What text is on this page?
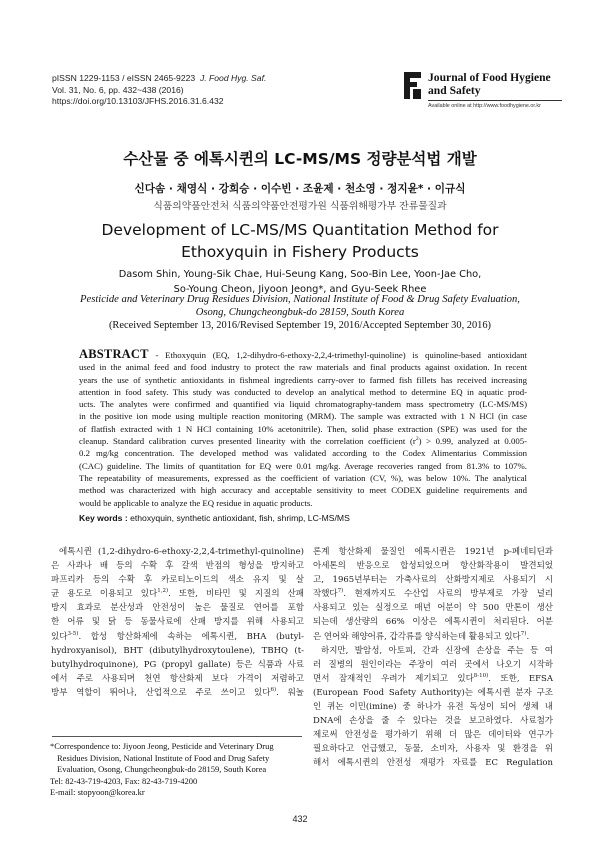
pISSN 1229-1153 / eISSN 2465-9223 J. Food Hyg. Saf.
Vol. 31, No. 6, pp. 432~438 (2016)
https://doi.org/10.13103/JFHS.2016.31.6.432
Journal of Food Hygiene
and Safety
Available online at http://www.foodhygiene.or.kr
수산물 중 에톡시퀸의 LC-MS/MS 정량분석법 개발
신다솜 · 채영식 · 강희승 · 이수빈 · 조윤제 · 천소영 · 정지윤* · 이규식
식품의약품안전처 식품의약품안전평가원 식품위해평가부 잔류물질과
Development of LC-MS/MS Quantitation Method for
Ethoxyquin in Fishery Products
Dasom Shin, Young-Sik Chae, Hui-Seung Kang, Soo-Bin Lee, Yoon-Jae Cho,
So-Young Cheon, Jiyoon Jeong*, and Gyu-Seek Rhee
Pesticide and Veterinary Drug Residues Division, National Institute of Food & Drug Safety Evaluation,
Osong, Chungcheongbuk-do 28159, South Korea
(Received September 13, 2016/Revised September 19, 2016/Accepted September 30, 2016)
ABSTRACT - Ethoxyquin (EQ, 1,2-dihydro-6-ethoxy-2,2,4-trimethyl-quinoline) is quinoline-based antioxidant
used in the animal feed and food industry to protect the raw materials and final products against oxidation. In recent
years the use of synthetic antioxidants in fishmeal ingredients carry-over to farmed fish fillets has received increasing
attention in food safety. This study was conducted to develop an analytical method to determine EQ in aquatic prod-
ucts. The analytes were confirmed and quantified via liquid chromatography-tandem mass spectrometry (LC-MS/MS)
in the positive ion mode using multiple reaction monitoring (MRM). The sample was extracted with 1 N HCl (in case
of flatfish extracted with 1 N HCl containing 10% acetonitrile). Then, solid phase extraction (SPE) was used for the
cleanup. Standard calibration curves presented linearity with the correlation coefficient $(r^2) > 0.99$, analyzed at 0.005-
0.2 mg/kg concentration. The developed method was validated according to the Codex Alimentarius Commission
(CAC) guideline. The limits of quantitation for EQ were 0.01 mg/kg. Average recoveries ranged from 81.3% to 107%.
The repeatability of measurements, expressed as the coefficient of variation (CV, %), was below 10%. The analytical
method was characterized with high accuracy and acceptable sensitivity to meet CODEX guideline requirements and
would be applicable to analyze the EQ residue in aquatic products.
Key words : ethoxyquin, synthetic antioxidant, fish, shrimp, LC-MS/MS
에톡시퀸 (1,2-dihydro-6-ethoxy-2,2,4-trimethyl-quinoline)
은 사과나 배 등의 수확 후 갈색 반점의 형성을 방지하고
파프리카 등의 수확 후 카로티노이드의 색소 유지 및 살
균 용도로 이용되고 있다$^{1,2)}$. 또한, 비타민 및 지질의 산패
방지 효과로 분산성과 안전성이 높은 물질로 연어를 포함
한 어류 및 닭 등 동물사료에 산패 방지를 위해 사용되고
있다$^{3-5)}$. 합성 항산화제에 속하는 에톡시퀸, BHA (butyl-
hydroxyanisol), BHT (dibutylhydroxytoulene), TBHQ (t-
butylhydroquinone), PG (propyl gallate) 등은 식품과 사료
에서 주로 사용되며 천연 항산화제 보다 가격이 저렴하고
방부 역할이 뛰어나, 산업적으로 주로 쓰이고 있다$^{6)}$. 워놀
론계 항산화제 물질인 에톡시퀸은 1921년 p-페네티딘과
아세톤의 반응으로 합성되었으며 항산화작용이 발견되었
고, 1965년부터는 가축사료의 산화방지제로 사용되기 시
작했다$^{7)}$. 현재까지도 수산업 사료의 방부제로 가장 널리
사용되고 있는 실정으로 매년 어분이 약 500 만톤이 생산
되는데 생산량의 66% 이상은 에톡시퀸이 처리된다. 어분
은 연어와 해양어류, 갑각류를 양식하는데 활용되고 있다$^{7)}$.
하지만, 발암성, 아토피, 간과 신장에 손상을 주는 등 여
러 질병의 원인이라는 주장이 여러 곳에서 나오기 시작하
면서 잠재적인 우려가 제기되고 있다$^{8-10)}$. 또한, EFSA
(European Food Safety Authority)는 에톡시퀸 분자 구조
인 퀴논 이민(imine) 중 하나가 유전 독성이 되어 생체 내
DNA에 손상을 줄 수 있다는 것을 보고하였다. 사료첨가
제로써 안전성을 평가하기 위해 더 많은 데이터와 연구가
필요하다고 언급했고, 동물, 소비자, 사용자 및 환경을 위
해서 에톡시퀸의 안전성 재평가 자료를 EC Regulation
*Correspondence to: Jiyoon Jeong, Pesticide and Veterinary Drug
Residues Division, National Institute of Food and Drug Safety
Evaluation, Osong, Chungcheongbuk-do 28159, South Korea
Tel: 82-43-719-4203, Fax: 82-43-719-4200
E-mail: stopyoon@korea.kr
432
